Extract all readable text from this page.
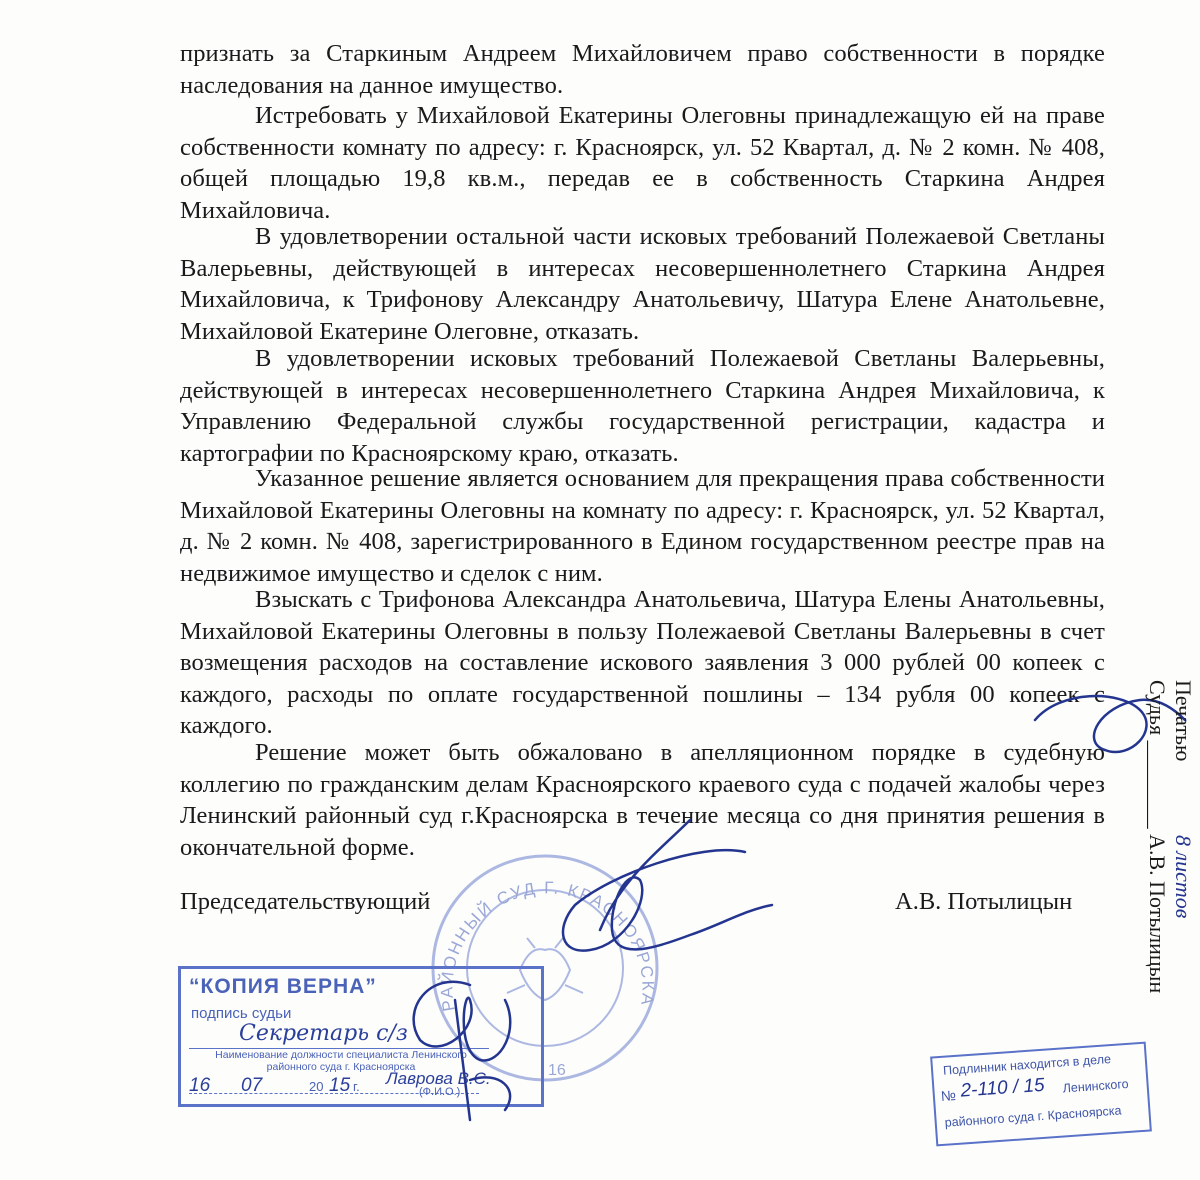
РАЙОННЫЙ СУД Г. КРАСНОЯРСКА
16

признать за Старкиным Андреем Михайловичем право собственности в порядке наследования на данное имущество.

Истребовать у Михайловой Екатерины Олеговны принадлежащую ей на праве собственности комнату по адресу: г. Красноярск, ул. 52 Квартал, д. № 2 комн. № 408, общей площадью 19,8 кв.м., передав ее в собственность Старкина Андрея Михайловича.

В удовлетворении остальной части исковых требований Полежаевой Светланы Валерьевны, действующей в интересах несовершеннолетнего Старкина Андрея Михайловича, к Трифонову Александру Анатольевичу, Шатура Елене Анатольевне, Михайловой Екатерине Олеговне, отказать.

В удовлетворении исковых требований Полежаевой Светланы Валерьевны, действующей в интересах несовершеннолетнего Старкина Андрея Михайловича, к Управлению Федеральной службы государственной регистрации, кадастра и картографии по Красноярскому краю, отказать.

Указанное решение является основанием для прекращения права собственности Михайловой Екатерины Олеговны на комнату по адресу: г. Красноярск, ул. 52 Квартал, д. № 2 комн. № 408, зарегистрированного в Едином государственном реестре прав на недвижимое имущество и сделок с ним.

Взыскать с Трифонова Александра Анатольевича, Шатура Елены Анатольевны, Михайловой Екатерины Олеговны в пользу Полежаевой Светланы Валерьевны в счет возмещения расходов на составление искового заявления 3 000 рублей 00 копеек с каждого, расходы по оплате государственной пошлины – 134 рубля 00 копеек с каждого.

Решение может быть обжаловано в апелляционном порядке в судебную коллегию по гражданским делам Красноярского краевого суда с подачей жалобы через Ленинский районный суд г.Красноярска в течение месяца со дня принятия решения в окончательной форме.

Председательствующий	А.В. Потылицын
“КОПИЯ ВЕРНА”
подпись судьи
Секретарь с/з
Наименование должности специалиста Ленинского районного суда г. Красноярска
16 07	20 15 г. Лаврова В.С.
(Ф.И.О.)
Печатью
Судья ________ А.В. Потылицын 8 листов
Подлинник находится в деле
№ 2-110 / 15 Ленинского
районного суда г. Красноярска
